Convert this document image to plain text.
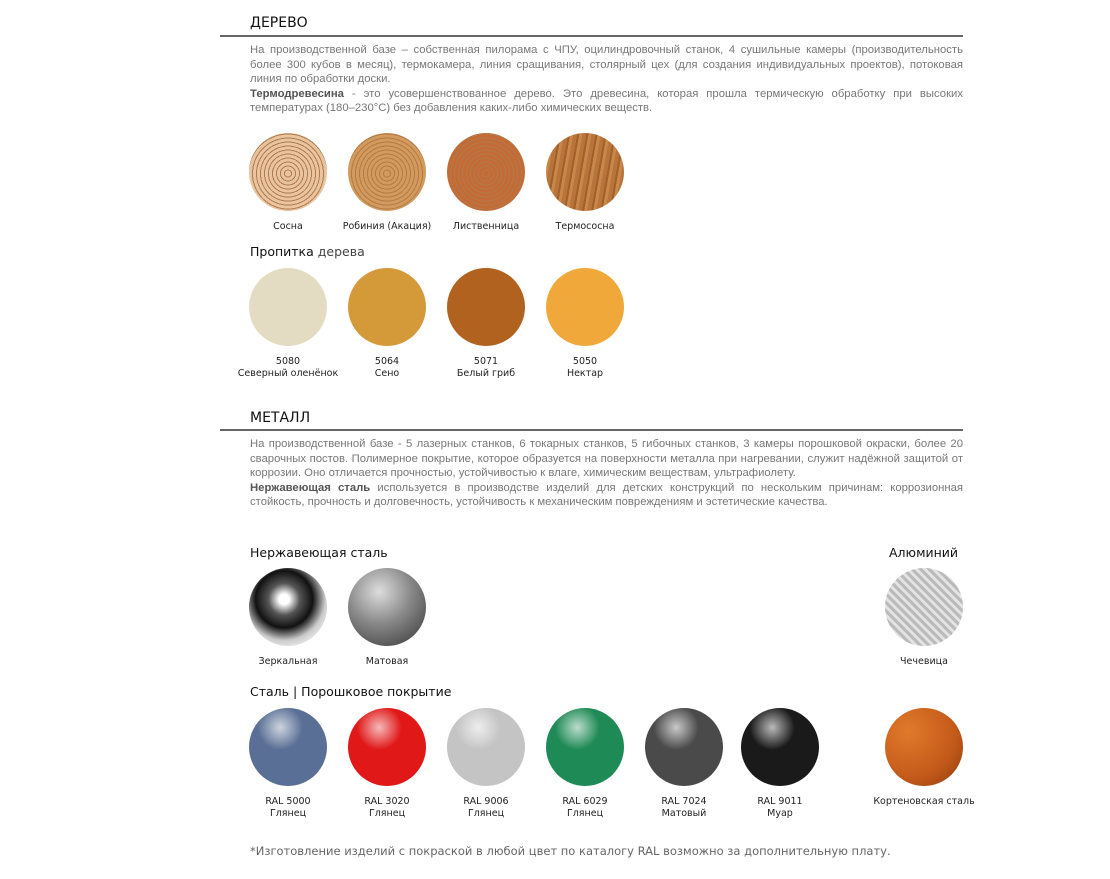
ДЕРЕВО
На производственной базе – собственная пилорама с ЧПУ, оцилиндровочный станок, 4 сушильные камеры (производительность более 300 кубов в месяц), термокамера, линия сращивания, столярный цех (для создания индивидуальных проектов), потоковая линия по обработки доски.
Термодревесина - это усовершенствованное дерево. Это древесина, которая прошла термическую обработку при высоких температурах (180–230°С) без добавления каких-либо химических веществ.
Сосна	Робиния (Акация)	Лиственница	Термососна
Пропитка дерева
5080
Северный оленёнок
5064
Сено
5071
Белый гриб
5050
Нектар
МЕТАЛЛ
На производственной базе - 5 лазерных станков, 6 токарных станков, 5 гибочных станков, 3 камеры порошковой окраски, более 20 сварочных постов. Полимерное покрытие, которое образуется на поверхности металла при нагревании, служит надёжной защитой от коррозии. Оно отличается прочностью, устойчивостью к влаге, химическим веществам, ультрафиолету.
Нержавеющая сталь используется в производстве изделий для детских конструкций по нескольким причинам: коррозионная стойкость, прочность и долговечность, устойчивость к механическим повреждениям и эстетические качества.
Нержавеющая сталь	Алюминий
Зеркальная	Матовая	Чечевица
Сталь | Порошковое покрытие
RAL 5000
Глянец
RAL 3020
Глянец
RAL 9006
Глянец
RAL 6029
Глянец
RAL 7024
Матовый
RAL 9011
Муар
Кортеновская сталь
*Изготовление изделий с покраской в любой цвет по каталогу RAL возможно за дополнительную плату.
